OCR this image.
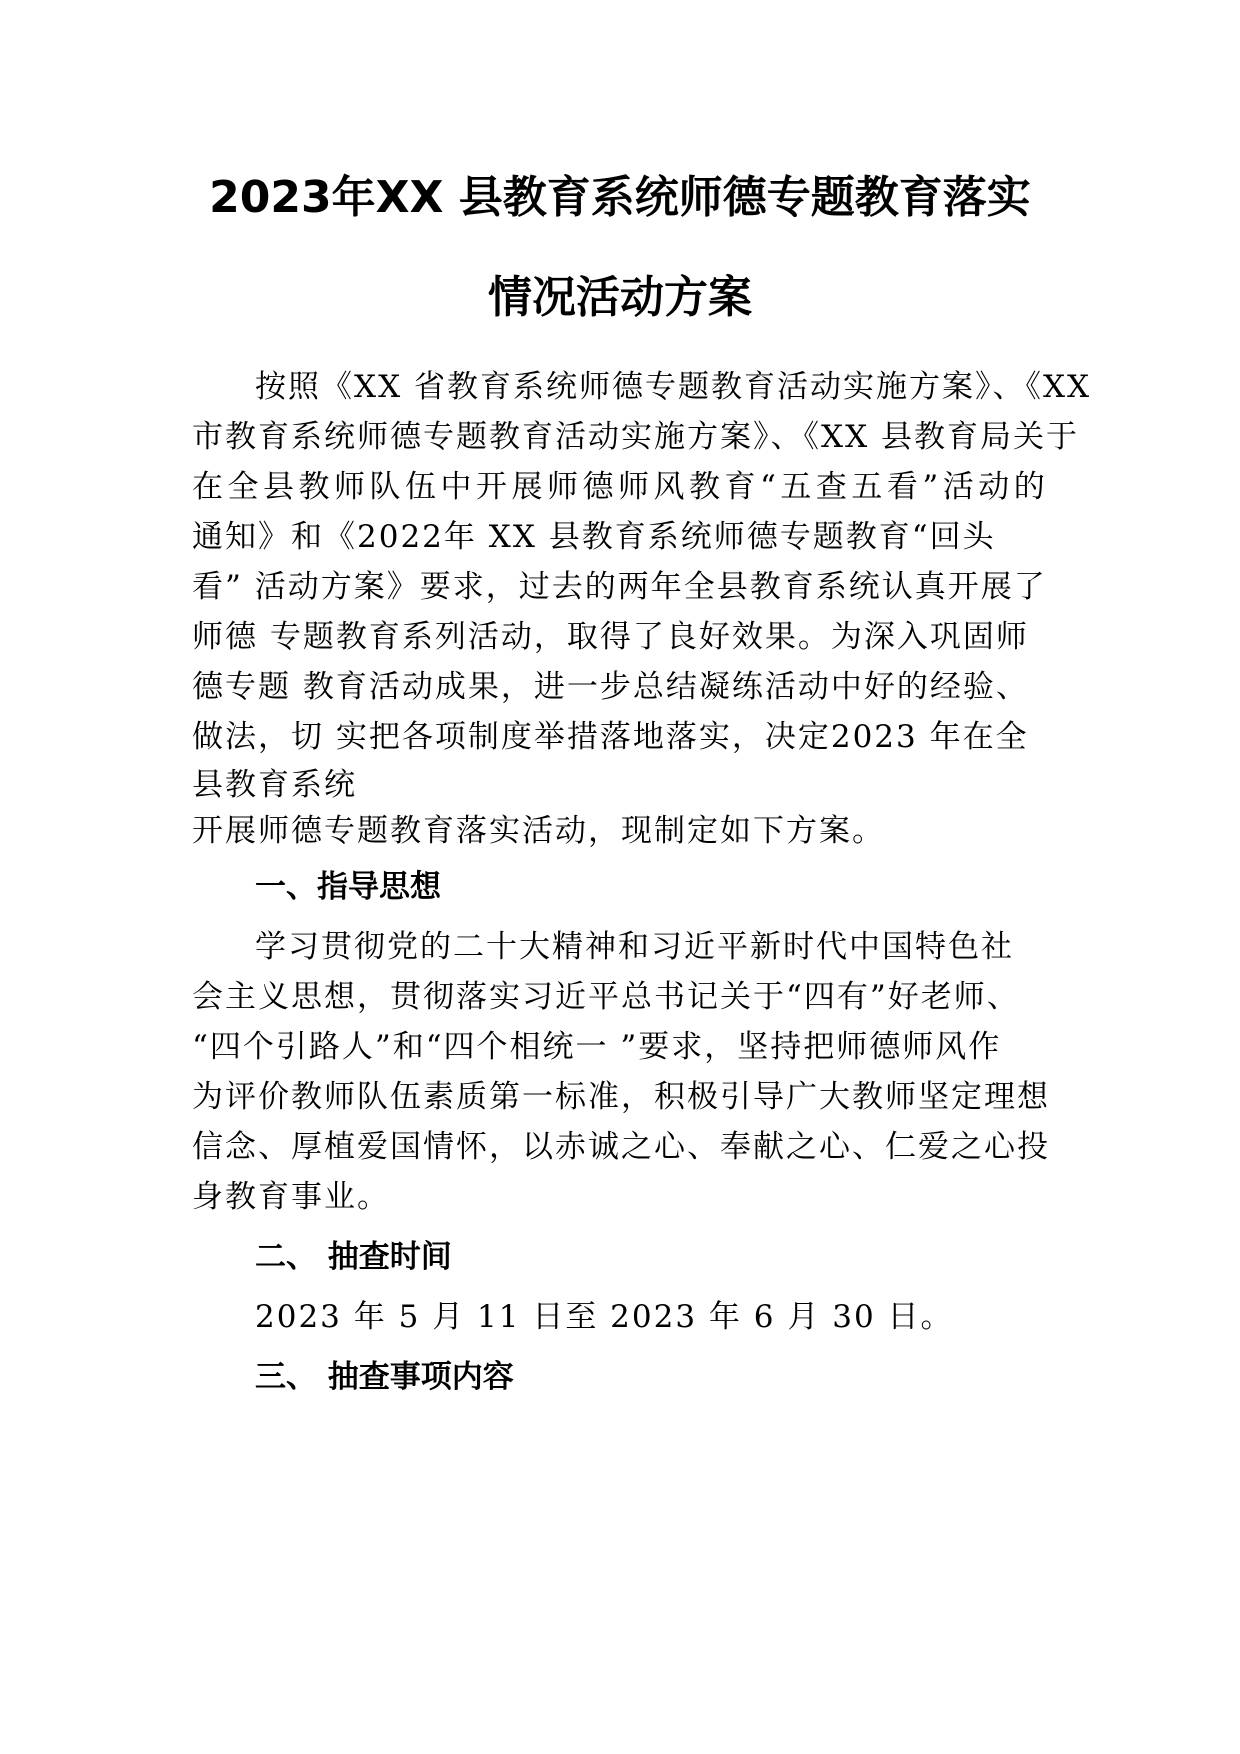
2023年XX 县教育系统师德专题教育落实
情况活动方案
按照《XX 省教育系统师德专题教育活动实施方案》、《XX
市教育系统师德专题教育活动实施方案》、《XX 县教育局关于
在全县教师队伍中开展师德师风教育“五查五看”活动的
通知》和《2022年 XX 县教育系统师德专题教育“回头
看” 活动方案》要求，过去的两年全县教育系统认真开展了
师德 专题教育系列活动，取得了良好效果。为深入巩固师
德专题 教育活动成果，进一步总结凝练活动中好的经验、
做法，切 实把各项制度举措落地落实，决定2023 年在全
县教育系统
开展师德专题教育落实活动，现制定如下方案。
一、指导思想
学习贯彻党的二十大精神和习近平新时代中国特色社
会主义思想，贯彻落实习近平总书记关于“四有”好老师、
“四个引路人”和“四个相统一 ”要求，坚持把师德师风作
为评价教师队伍素质第一标准，积极引导广大教师坚定理想
信念、厚植爱国情怀，以赤诚之心、奉献之心、仁爱之心投
身教育事业。
二、 抽查时间
2023 年 5 月 11 日至 2023 年 6 月 30 日。
三、 抽查事项内容
